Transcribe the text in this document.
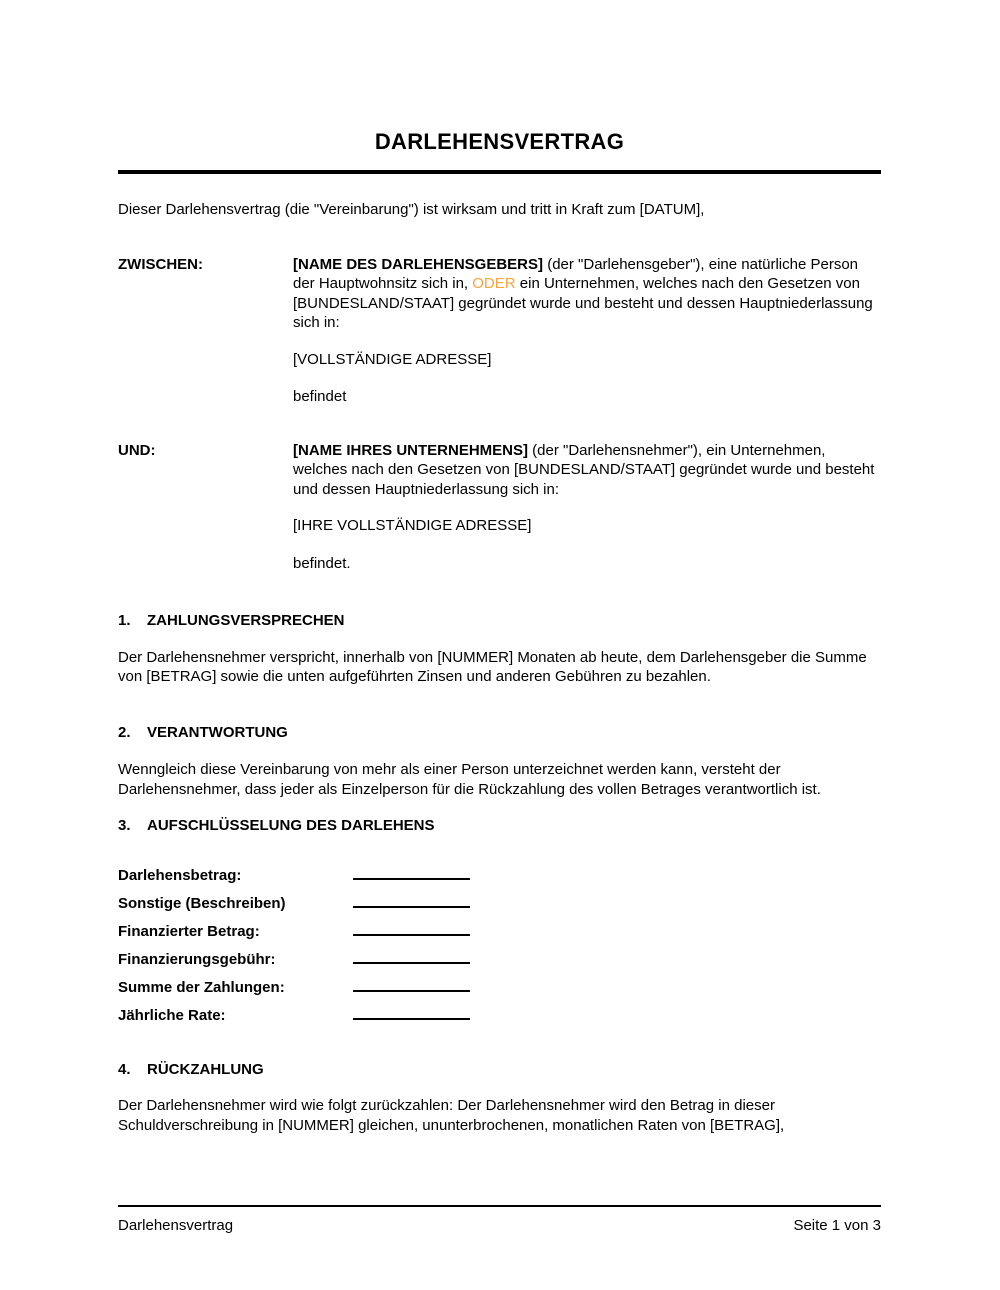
DARLEHENSVERTRAG

Dieser Darlehensvertrag (die "Vereinbarung") ist wirksam und tritt in Kraft zum [DATUM],

ZWISCHEN:	[NAME DES DARLEHENSGEBERS] (der "Darlehensgeber"), eine natürliche Person der Hauptwohnsitz sich in, ODER ein Unternehmen, welches nach den Gesetzen von [BUNDESLAND/STAAT] gegründet wurde und besteht und dessen Hauptniederlassung sich in:

[VOLLSTÄNDIGE ADRESSE]

befindet

UND:	[NAME IHRES UNTERNEHMENS] (der "Darlehensnehmer"), ein Unternehmen, welches nach den Gesetzen von [BUNDESLAND/STAAT] gegründet wurde und besteht und dessen Hauptniederlassung sich in:

[IHRE VOLLSTÄNDIGE ADRESSE]

befindet.

1.	ZAHLUNGSVERSPRECHEN

Der Darlehensnehmer verspricht, innerhalb von [NUMMER] Monaten ab heute, dem Darlehensgeber die Summe von [BETRAG] sowie die unten aufgeführten Zinsen und anderen Gebühren zu bezahlen.

2.	VERANTWORTUNG

Wenngleich diese Vereinbarung von mehr als einer Person unterzeichnet werden kann, versteht der Darlehensnehmer, dass jeder als Einzelperson für die Rückzahlung des vollen Betrages verantwortlich ist.

3.	AUFSCHLÜSSELUNG DES DARLEHENS
Darlehensbetrag:
Sonstige (Beschreiben)
Finanzierter Betrag:
Finanzierungsgebühr:
Summe der Zahlungen:
Jährliche Rate:
4.	RÜCKZAHLUNG

Der Darlehensnehmer wird wie folgt zurückzahlen: Der Darlehensnehmer wird den Betrag in dieser Schuldverschreibung in [NUMMER] gleichen, ununterbrochenen, monatlichen Raten von [BETRAG],

Darlehensvertrag	Seite 1 von 3
